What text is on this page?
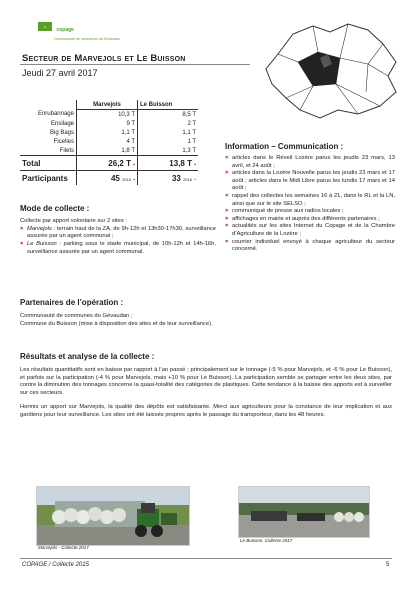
c copage
Communauté de communes du Gévaudan
Secteur de Marvejols et Le Buisson
Jeudi 27 avril 2017
	Marvejols	Le Buisson
Enrubannage	10,3 T	8,5 T
Ensilage	9 T	2 T
Big Bags	1,1 T	1,1 T
Ficelles	4 T	1 T
Filets	1,8 T	1,3 T
Total	26,2 T ▪	13,8 T ▪
Participants	45 2016 ▪	33 2016 ▪
Information – Communication :
× articles dans le Réveil Lozère parus les jeudis 23 mars, 13 avril, et 24 août ;
× articles dans la Lozère Nouvelle parus les jeudis 23 mars et 17 août ; articles dans le Midi Libre parus les lundis 17 mars et 14 août ;
× rappel des collectes les semaines 16 à 21, dans le RL et la LN, ainsi que sur le site SELSO ;
× communiqué de presse aux radios locales ;
× affichages en mairie et auprès des différents partenaires ;
× actualités sur les sites Internet du Copage et de la Chambre d’Agriculture de la Lozère ;
× courrier individuel envoyé à chaque agriculteur du secteur concerné.
Mode de collecte :
Collecte par apport volontaire sur 2 sites :
× Marvejols : terrain haut de la ZA, de 9h-12h et 13h30-17h30, surveillance assurée par un agent communal ;
× Le Buisson : parking sous le stade municipal, de 10h-12h et 14h-16h, surveillance assurée par un agent communal.
Partenaires de l’opération :
Communauté de communes du Gévaudan ;
Commune du Buisson (mise à disposition des sites et de leur surveillance).
Résultats et analyse de la collecte :
Les résultats quantitatifs sont en baisse par rapport à l’an passé ; principalement sur le tonnage (-5 % pour Marvejols, et -6 % pour Le Buisson), et parfois sur la participation (-4 % pour Marvejols, mais +10 % pour Le Buisson). La participation semble se partager entre les deux sites, par contre la diminution des tonnages concerne la quasi-totalité des catégories de plastiques. Cette tendance à la baisse des apports est à surveiller sur ces secteurs.
Hormis un apport sur Marvejols, la qualité des dépôts est satisfaisante. Merci aux agriculteurs pour la constance de leur implication et aux gardiens pour leur surveillance. Les sites ont été laissés propres après le passage du transporteur, dans les 48 heures.
Marvejols - Collecte 2017
Le Buisson, Collecte 2017
COPAGE / Collecte 2015	5
